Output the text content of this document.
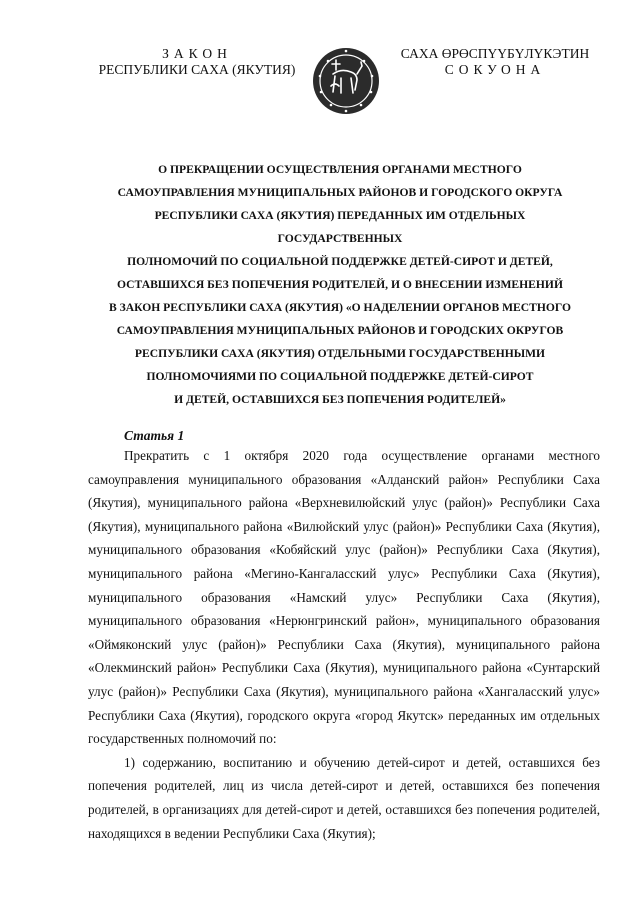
ЗАКОН
РЕСПУБЛИКИ САХА (ЯКУТИЯ)
САХА ӨРӨСПҮҮБҮЛҮКЭТИН
СОКУОНА
О ПРЕКРАЩЕНИИ ОСУЩЕСТВЛЕНИЯ ОРГАНАМИ МЕСТНОГО
САМОУПРАВЛЕНИЯ МУНИЦИПАЛЬНЫХ РАЙОНОВ И ГОРОДСКОГО ОКРУГА
РЕСПУБЛИКИ САХА (ЯКУТИЯ) ПЕРЕДАННЫХ ИМ ОТДЕЛЬНЫХ ГОСУДАРСТВЕННЫХ
ПОЛНОМОЧИЙ ПО СОЦИАЛЬНОЙ ПОДДЕРЖКЕ ДЕТЕЙ-СИРОТ И ДЕТЕЙ,
ОСТАВШИХСЯ БЕЗ ПОПЕЧЕНИЯ РОДИТЕЛЕЙ, И О ВНЕСЕНИИ ИЗМЕНЕНИЙ
В ЗАКОН РЕСПУБЛИКИ САХА (ЯКУТИЯ) «О НАДЕЛЕНИИ ОРГАНОВ МЕСТНОГО
САМОУПРАВЛЕНИЯ МУНИЦИПАЛЬНЫХ РАЙОНОВ И ГОРОДСКИХ ОКРУГОВ
РЕСПУБЛИКИ САХА (ЯКУТИЯ) ОТДЕЛЬНЫМИ ГОСУДАРСТВЕННЫМИ
ПОЛНОМОЧИЯМИ ПО СОЦИАЛЬНОЙ ПОДДЕРЖКЕ ДЕТЕЙ-СИРОТ
И ДЕТЕЙ, ОСТАВШИХСЯ БЕЗ ПОПЕЧЕНИЯ РОДИТЕЛЕЙ»
Статья 1

Прекратить с 1 октября 2020 года осуществление органами местного самоуправления муниципального образования «Алданский район» Республики Саха (Якутия), муниципального района «Верхневилюйский улус (район)» Республики Саха (Якутия), муниципального района «Вилюйский улус (район)» Республики Саха (Якутия), муниципального образования «Кобяйский улус (район)» Республики Саха (Якутия), муниципального района «Мегино-Кангаласский улус» Республики Саха (Якутия), муниципального образования «Намский улус» Республики Саха (Якутия), муниципального образования «Нерюнгринский район», муниципального образования «Оймяконский улус (район)» Республики Саха (Якутия), муниципального района «Олекминский район» Республики Саха (Якутия), муниципального района «Сунтарский улус (район)» Республики Саха (Якутия), муниципального района «Хангаласский улус» Республики Саха (Якутия), городского округа «город Якутск» переданных им отдельных государственных полномочий по:

1) содержанию, воспитанию и обучению детей-сирот и детей, оставшихся без попечения родителей, лиц из числа детей-сирот и детей, оставшихся без попечения родителей, в организациях для детей-сирот и детей, оставшихся без попечения родителей, находящихся в ведении Республики Саха (Якутия);
